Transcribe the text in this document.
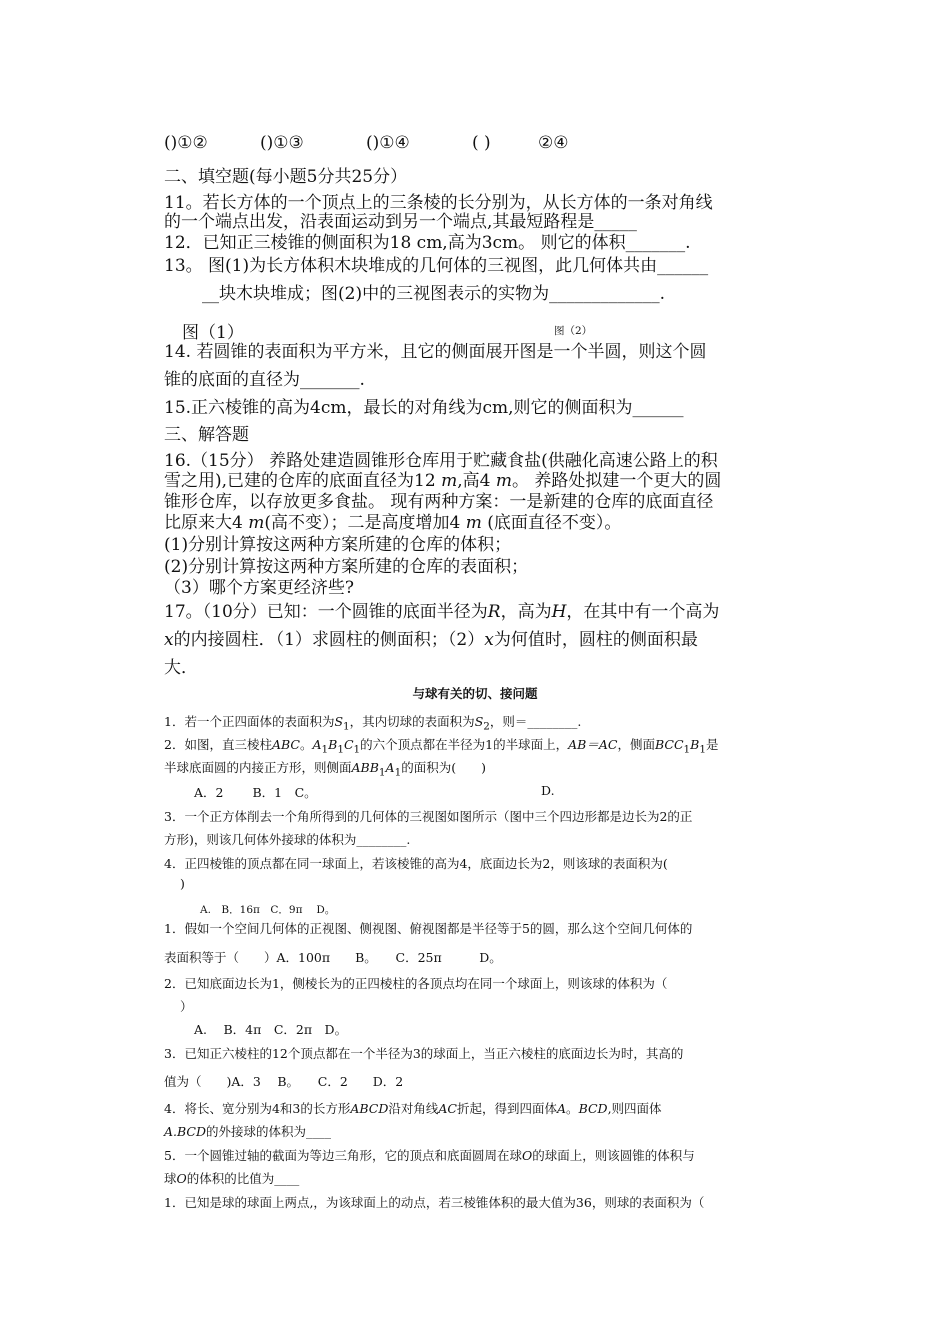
()①②	()①③	()①④	( )	②④
二、填空题(每小题5分共25分）
11。若长方体的一个顶点上的三条棱的长分别为，从长方体的一条对角线
的一个端点出发，沿表面运动到另一个端点,其最短路程是_____
12．已知正三棱锥的侧面积为18 cm,高为3cm。 则它的体积_______.
13。 图(1)为长方体积木块堆成的几何体的三视图，此几何体共由______
__块木块堆成；图(2)中的三视图表示的实物为_____________.
图（1）	图（2）
14. 若圆锥的表面积为平方米，且它的侧面展开图是一个半圆，则这个圆
锥的底面的直径为_______.
15.正六棱锥的高为4cm，最长的对角线为cm,则它的侧面积为______
三、解答题
16.（15分） 养路处建造圆锥形仓库用于贮藏食盐(供融化高速公路上的积
雪之用),已建的仓库的底面直径为12 m,高4 m。 养路处拟建一个更大的圆
锥形仓库，以存放更多食盐。 现有两种方案：一是新建的仓库的底面直径
比原来大4 m(高不变）；二是高度增加4 m (底面直径不变）。
(1)分别计算按这两种方案所建的仓库的体积；
(2)分别计算按这两种方案所建的仓库的表面积；
（3）哪个方案更经济些?
17。（10分）已知：一个圆锥的底面半径为R，高为H，在其中有一个高为
x的内接圆柱．（1）求圆柱的侧面积；（2）x为何值时，圆柱的侧面积最
大．
与球有关的切、接问题
1．若一个正四面体的表面积为$S_1$，其内切球的表面积为$S_2$，则＝________.
2．如图，直三棱柱ABC。$A_1B_1C_1$的六个顶点都在半径为1的半球面上，AB＝AC，侧面$BCC_1B_1$是
半球底面圆的内接正方形，则侧面$ABB_1A_1$的面积为(　　)
A．2　　 B．1　C。	D.
3．一个正方体削去一个角所得到的几何体的三视图如图所示（图中三个四边形都是边长为2的正
方形)，则该几何体外接球的体积为________.
4．正四棱锥的顶点都在同一球面上，若该棱锥的高为4，底面边长为2，则该球的表面积为(
)
A.　B．16π　C．9π　 D。
1．假如一个空间几何体的正视图、侧视图、俯视图都是半径等于5的圆，那么这个空间几何体的
表面积等于（　　）A．100π　　B。　　C．25π　　　D。
2．已知底面边长为1，侧棱长为的正四棱柱的各顶点均在同一个球面上，则该球的体积为（
）
A.　 B．4π　C．2π　D。
3．已知正六棱柱的12个顶点都在一个半径为3的球面上，当正六棱柱的底面边长为时，其高的
值为（　　)A．3　 B。　　C．2　　D．2
4．将长、宽分别为4和3的长方形ABCD沿对角线AC折起，得到四面体A。BCD,则四面体
A.BCD的外接球的体积为____
5．一个圆锥过轴的截面为等边三角形，它的顶点和底面圆周在球O的球面上，则该圆锥的体积与
球O的体积的比值为____
1．已知是球的球面上两点,，为该球面上的动点，若三棱锥体积的最大值为36，则球的表面积为（
